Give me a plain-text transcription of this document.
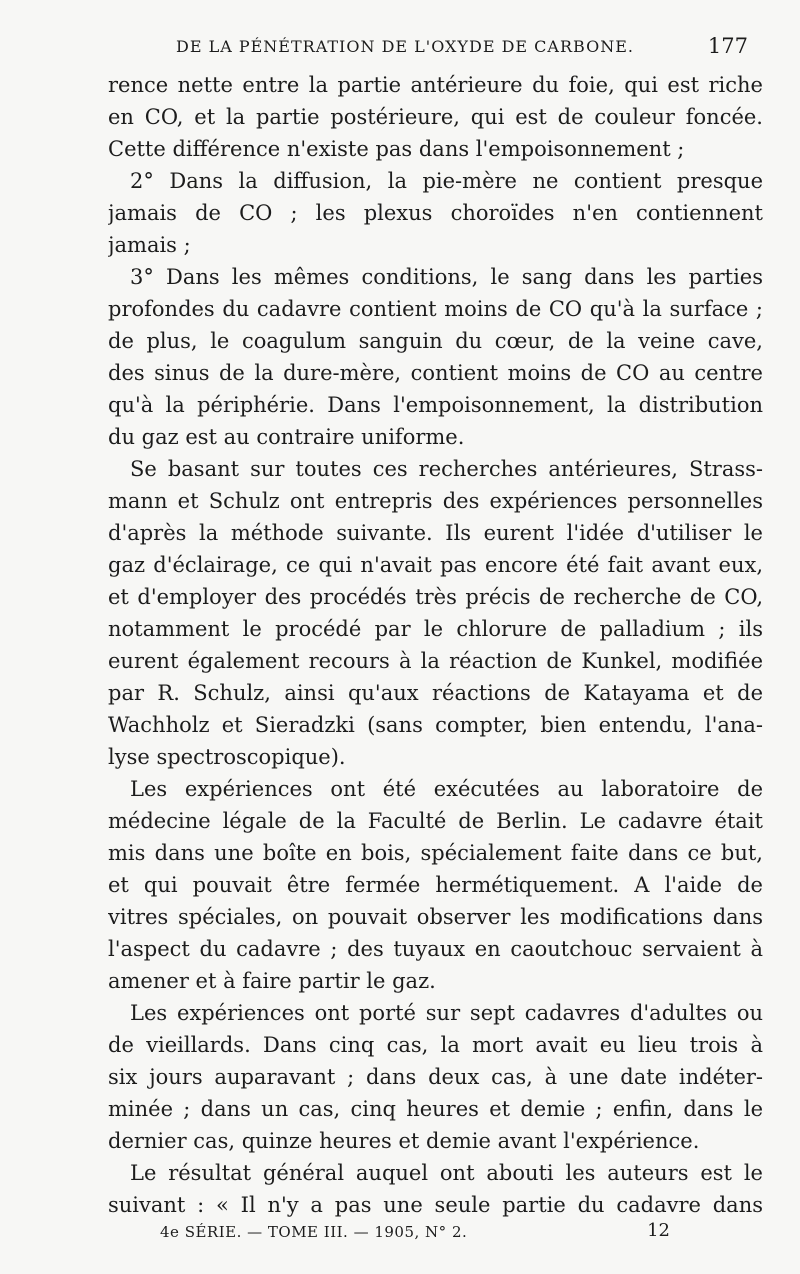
DE LA PÉNÉTRATION DE L'OXYDE DE CARBONE.	177
rence nette entre la partie antérieure du foie, qui est riche
en CO, et la partie postérieure, qui est de couleur foncée.
Cette différence n'existe pas dans l'empoisonnement ;
2° Dans la diffusion, la pie-mère ne contient presque
jamais de CO ; les plexus choroïdes n'en contiennent
jamais ;
3° Dans les mêmes conditions, le sang dans les parties
profondes du cadavre contient moins de CO qu'à la surface ;
de plus, le coagulum sanguin du cœur, de la veine cave,
des sinus de la dure-mère, contient moins de CO au centre
qu'à la périphérie. Dans l'empoisonnement, la distribution
du gaz est au contraire uniforme.
Se basant sur toutes ces recherches antérieures, Strass-
mann et Schulz ont entrepris des expériences personnelles
d'après la méthode suivante. Ils eurent l'idée d'utiliser le
gaz d'éclairage, ce qui n'avait pas encore été fait avant eux,
et d'employer des procédés très précis de recherche de CO,
notamment le procédé par le chlorure de palladium ; ils
eurent également recours à la réaction de Kunkel, modifiée
par R. Schulz, ainsi qu'aux réactions de Katayama et de
Wachholz et Sieradzki (sans compter, bien entendu, l'ana-
lyse spectroscopique).
Les expériences ont été exécutées au laboratoire de
médecine légale de la Faculté de Berlin. Le cadavre était
mis dans une boîte en bois, spécialement faite dans ce but,
et qui pouvait être fermée hermétiquement. A l'aide de
vitres spéciales, on pouvait observer les modifications dans
l'aspect du cadavre ; des tuyaux en caoutchouc servaient à
amener et à faire partir le gaz.
Les expériences ont porté sur sept cadavres d'adultes ou
de vieillards. Dans cinq cas, la mort avait eu lieu trois à
six jours auparavant ; dans deux cas, à une date indéter-
minée ; dans un cas, cinq heures et demie ; enfin, dans le
dernier cas, quinze heures et demie avant l'expérience.
Le résultat général auquel ont abouti les auteurs est le
suivant : « Il n'y a pas une seule partie du cadavre dans
4e SÉRIE. — TOME III. — 1905, N° 2.	12
